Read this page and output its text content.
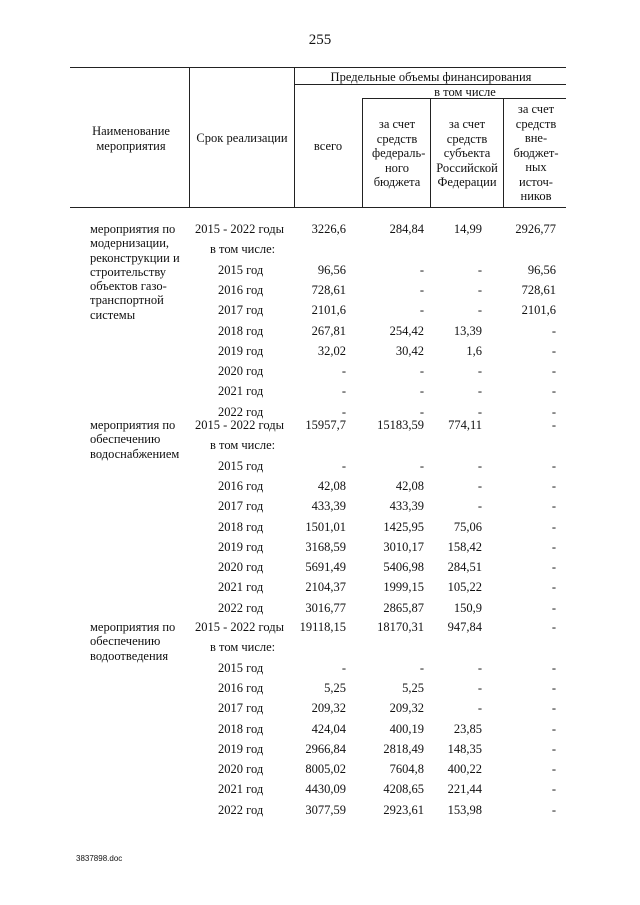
255
Наименование мероприятия
Срок реализации
Предельные объемы финансирования
всего
в том числе
за счет средств федераль- ного бюджета
за счет средств субъекта Российской Федерации
за счет средств вне- бюджет- ных источ- ников
мероприятия по модернизации, реконструкции и строительству объектов газо- транспортной системы
2015 - 2022 годы	3226,6	284,84	14,99	2926,77
в том числе:
2015 год	96,56	-	-	96,56
2016 год	728,61	-	-	728,61
2017 год	2101,6	-	-	2101,6
2018 год	267,81	254,42	13,39	-
2019 год	32,02	30,42	1,6	-
2020 год	-	-	-	-
2021 год	-	-	-	-
2022 год	-	-	-	-
мероприятия по обеспечению водоснабжением
2015 - 2022 годы	15957,7 15183,59	774,11	-
в том числе:
2015 год	-	-	-	-
2016 год	42,08	42,08	-	-
2017 год	433,39	433,39	-	-
2018 год	1501,01	1425,95	75,06	-
2019 год	3168,59	3010,17	158,42	-
2020 год	5691,49	5406,98	284,51	-
2021 год	2104,37	1999,15	105,22	-
2022 год	3016,77	2865,87	150,9	-
мероприятия по обеспечению водоотведения
2015 - 2022 годы	19118,15 18170,31	947,84	-
в том числе:
2015 год	-	-	-	-
2016 год	5,25	5,25	-	-
2017 год	209,32	209,32	-	-
2018 год	424,04	400,19	23,85	-
2019 год	2966,84	2818,49	148,35	-
2020 год	8005,02	7604,8	400,22	-
2021 год	4430,09	4208,65	221,44	-
2022 год	3077,59	2923,61	153,98	-
3837898.doc
